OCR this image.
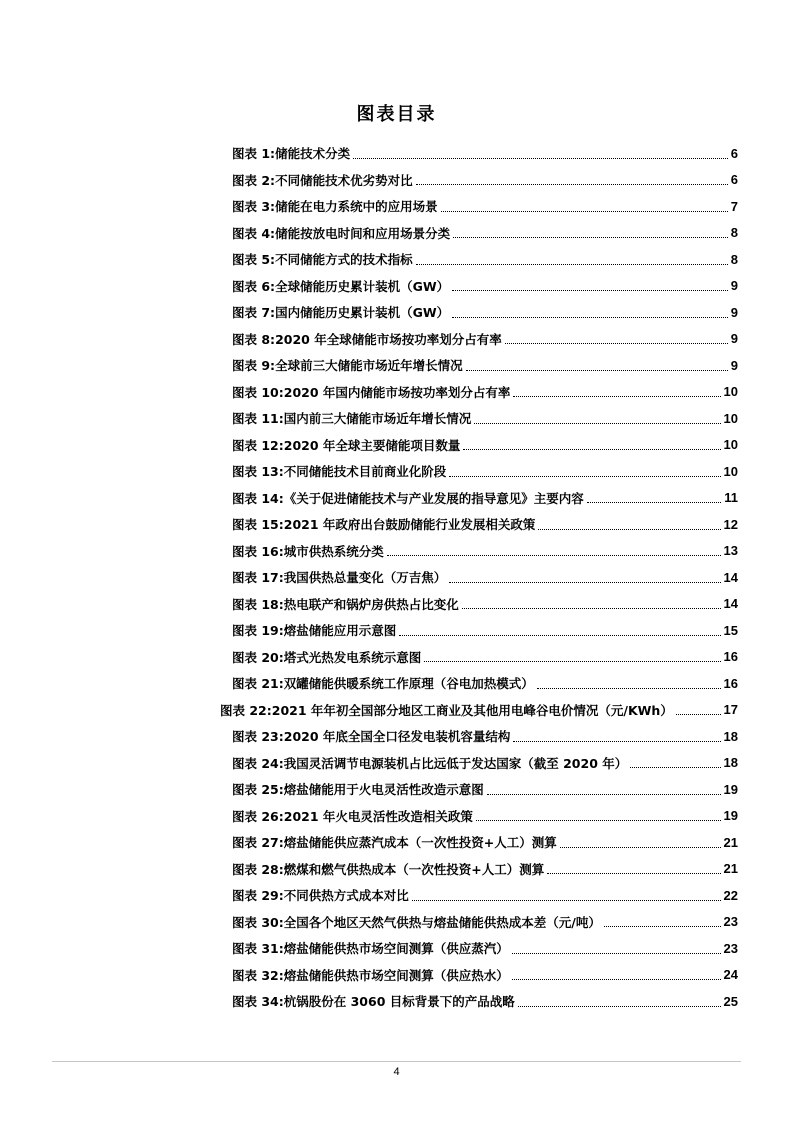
图表目录
图表 1: 储能技术分类	6
图表 2: 不同储能技术优劣势对比	6
图表 3: 储能在电力系统中的应用场景	7
图表 4: 储能按放电时间和应用场景分类	8
图表 5: 不同储能方式的技术指标	8
图表 6: 全球储能历史累计装机（GW）	9
图表 7: 国内储能历史累计装机（GW）	9
图表 8: 2020 年全球储能市场按功率划分占有率	9
图表 9: 全球前三大储能市场近年增长情况	9
图表 10: 2020 年国内储能市场按功率划分占有率	10
图表 11: 国内前三大储能市场近年增长情况	10
图表 12: 2020 年全球主要储能项目数量	10
图表 13: 不同储能技术目前商业化阶段	10
图表 14: 《关于促进储能技术与产业发展的指导意见》主要内容	11
图表 15: 2021 年政府出台鼓励储能行业发展相关政策	12
图表 16: 城市供热系统分类	13
图表 17: 我国供热总量变化（万吉焦）	14
图表 18: 热电联产和锅炉房供热占比变化	14
图表 19: 熔盐储能应用示意图	15
图表 20: 塔式光热发电系统示意图	16
图表 21: 双罐储能供暖系统工作原理（谷电加热模式）	16
图表 22: 2021 年年初全国部分地区工商业及其他用电峰谷电价情况（元/KWh）	17
图表 23: 2020 年底全国全口径发电装机容量结构	18
图表 24: 我国灵活调节电源装机占比远低于发达国家（截至 2020 年）	18
图表 25: 熔盐储能用于火电灵活性改造示意图	19
图表 26: 2021 年火电灵活性改造相关政策	19
图表 27: 熔盐储能供应蒸汽成本（一次性投资+人工）测算	21
图表 28: 燃煤和燃气供热成本（一次性投资+人工）测算	21
图表 29: 不同供热方式成本对比	22
图表 30: 全国各个地区天然气供热与熔盐储能供热成本差（元/吨）	23
图表 31: 熔盐储能供热市场空间测算（供应蒸汽）	23
图表 32: 熔盐储能供热市场空间测算（供应热水）	24
图表 34: 杭锅股份在 3060 目标背景下的产品战略	25
4
